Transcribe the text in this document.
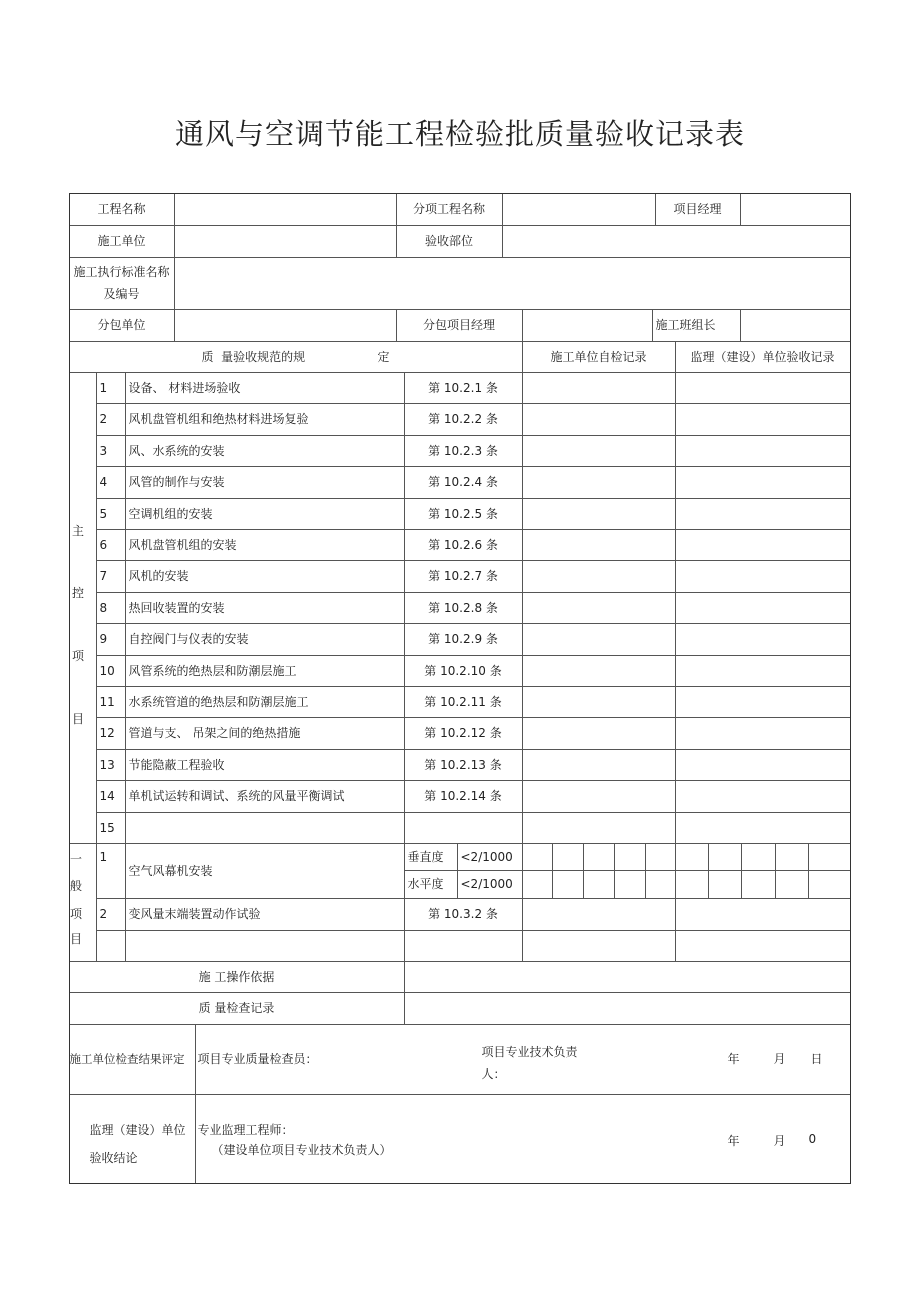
通风与空调节能工程检验批质量验收记录表
工程名称	分项工程名称	项目经理
施工单位	验收部位
施工执行标准名称及编号
分包单位	分包项目经理	施工班组长
质  量验收规范的规                   定	施工单位自检记录	监理（建设）单位验收记录
主
控
项
目
1 设备、 材料进场验收	第 10.2.1 条
2 风机盘管机组和绝热材料进场复验	第 10.2.2 条
3 风、水系统的安装	第 10.2.3 条
4 风管的制作与安装	第 10.2.4 条
5 空调机组的安装	第 10.2.5 条
6 风机盘管机组的安装	第 10.2.6 条
7 风机的安装	第 10.2.7 条
8 热回收装置的安装	第 10.2.8 条
9 自控阀门与仪表的安装	第 10.2.9 条
10 风管系统的绝热层和防潮层施工	第 10.2.10 条
11 水系统管道的绝热层和防潮层施工	第 10.2.11 条
12 管道与支、 吊架之间的绝热措施	第 10.2.12 条
13 节能隐蔽工程验收	第 10.2.13 条
14 单机试运转和调试、系统的风量平衡调试	第 10.2.14 条
15
一
般
项
目
1
空气风幕机安装
垂直度 <2/1000
水平度 <2/1000
2 变风量末端装置动作试验	第 10.3.2 条
施 工操作依据
质 量检查记录
施工单位检查结果评定 项目专业质量检查员：	项目专业技术负责人：
年	月 日
监理（建设）单位
验收结论
专业监理工程师：
（建设单位项目专业技术负责人）
年	月 0
